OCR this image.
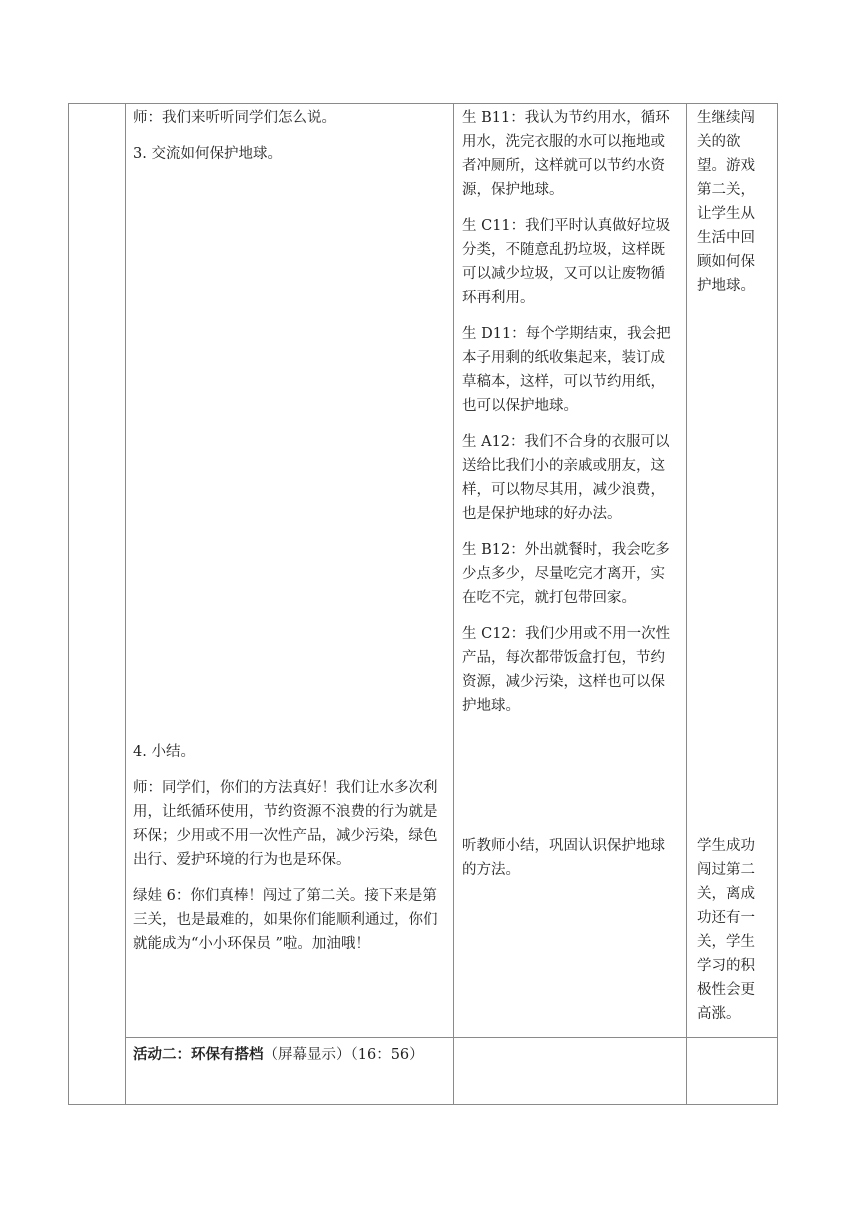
师：我们来听听同学们怎么说。

3. 交流如何保护地球。

4. 小结。

师：同学们，你们的方法真好！我们让水多次利用，让纸循环使用，节约资源不浪费的行为就是环保；少用或不用一次性产品，减少污染，绿色出行、爱护环境的行为也是环保。

绿娃 6：你们真棒！闯过了第二关。接下来是第三关，也是最难的，如果你们能顺利通过，你们就能成为“小小环保员 ”啦。加油哦！

生 B11：我认为节约用水，循环用水，洗完衣服的水可以拖地或者冲厕所，这样就可以节约水资源，保护地球。

生 C11：我们平时认真做好垃圾分类，不随意乱扔垃圾，这样既可以减少垃圾，又可以让废物循环再利用。

生 D11：每个学期结束，我会把本子用剩的纸收集起来，装订成草稿本，这样，可以节约用纸，也可以保护地球。

生 A12：我们不合身的衣服可以送给比我们小的亲戚或朋友，这样，可以物尽其用，减少浪费，也是保护地球的好办法。

生 B12：外出就餐时，我会吃多少点多少，尽量吃完才离开，实在吃不完，就打包带回家。

生 C12：我们少用或不用一次性产品，每次都带饭盒打包，节约资源，减少污染，这样也可以保护地球。

听教师小结，巩固认识保护地球的方法。

生继续闯关的欲望。游戏第二关，让学生从生活中回顾如何保护地球。

学生成功闯过第二关，离成功还有一关，学生学习的积极性会更高涨。

活动二：环保有搭档（屏幕显示）（16：56）
